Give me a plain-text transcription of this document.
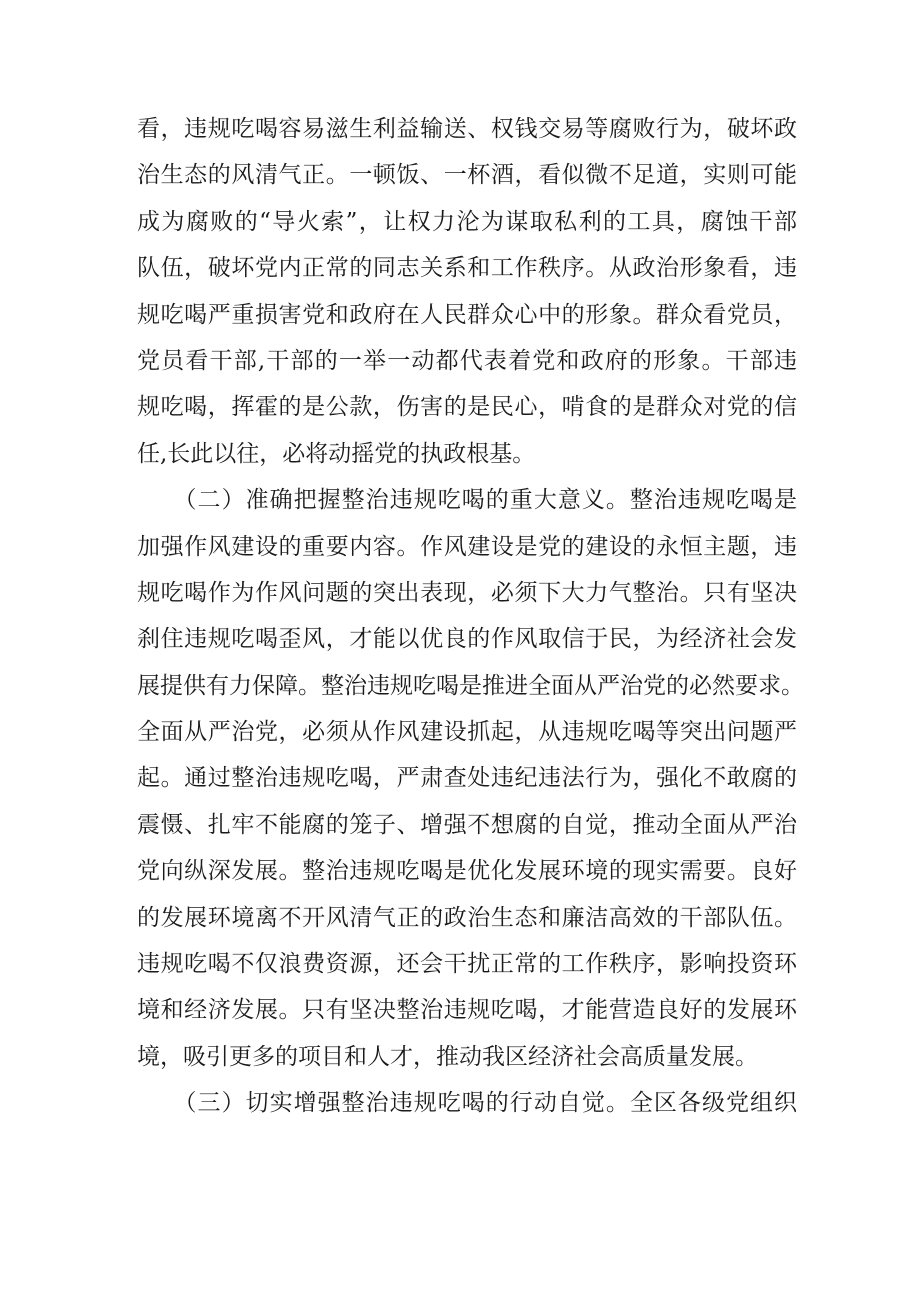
看，违规吃喝容易滋生利益输送、权钱交易等腐败行为，破坏政
治生态的风清气正。一顿饭、一杯酒，看似微不足道，实则可能
成为腐败的“导火索”，让权力沦为谋取私利的工具，腐蚀干部
队伍，破坏党内正常的同志关系和工作秩序。从政治形象看，违
规吃喝严重损害党和政府在人民群众心中的形象。群众看党员，
党员看干部,干部的一举一动都代表着党和政府的形象。干部违
规吃喝，挥霍的是公款，伤害的是民心，啃食的是群众对党的信
任,长此以往，必将动摇党的执政根基。
　　（二）准确把握整治违规吃喝的重大意义。整治违规吃喝是
加强作风建设的重要内容。作风建设是党的建设的永恒主题，违
规吃喝作为作风问题的突出表现，必须下大力气整治。只有坚决
刹住违规吃喝歪风，才能以优良的作风取信于民，为经济社会发
展提供有力保障。整治违规吃喝是推进全面从严治党的必然要求。
全面从严治党，必须从作风建设抓起，从违规吃喝等突出问题严
起。通过整治违规吃喝，严肃查处违纪违法行为，强化不敢腐的
震慑、扎牢不能腐的笼子、增强不想腐的自觉，推动全面从严治
党向纵深发展。整治违规吃喝是优化发展环境的现实需要。良好
的发展环境离不开风清气正的政治生态和廉洁高效的干部队伍。
违规吃喝不仅浪费资源，还会干扰正常的工作秩序，影响投资环
境和经济发展。只有坚决整治违规吃喝，才能营造良好的发展环
境，吸引更多的项目和人才，推动我区经济社会高质量发展。
　　（三）切实增强整治违规吃喝的行动自觉。全区各级党组织
